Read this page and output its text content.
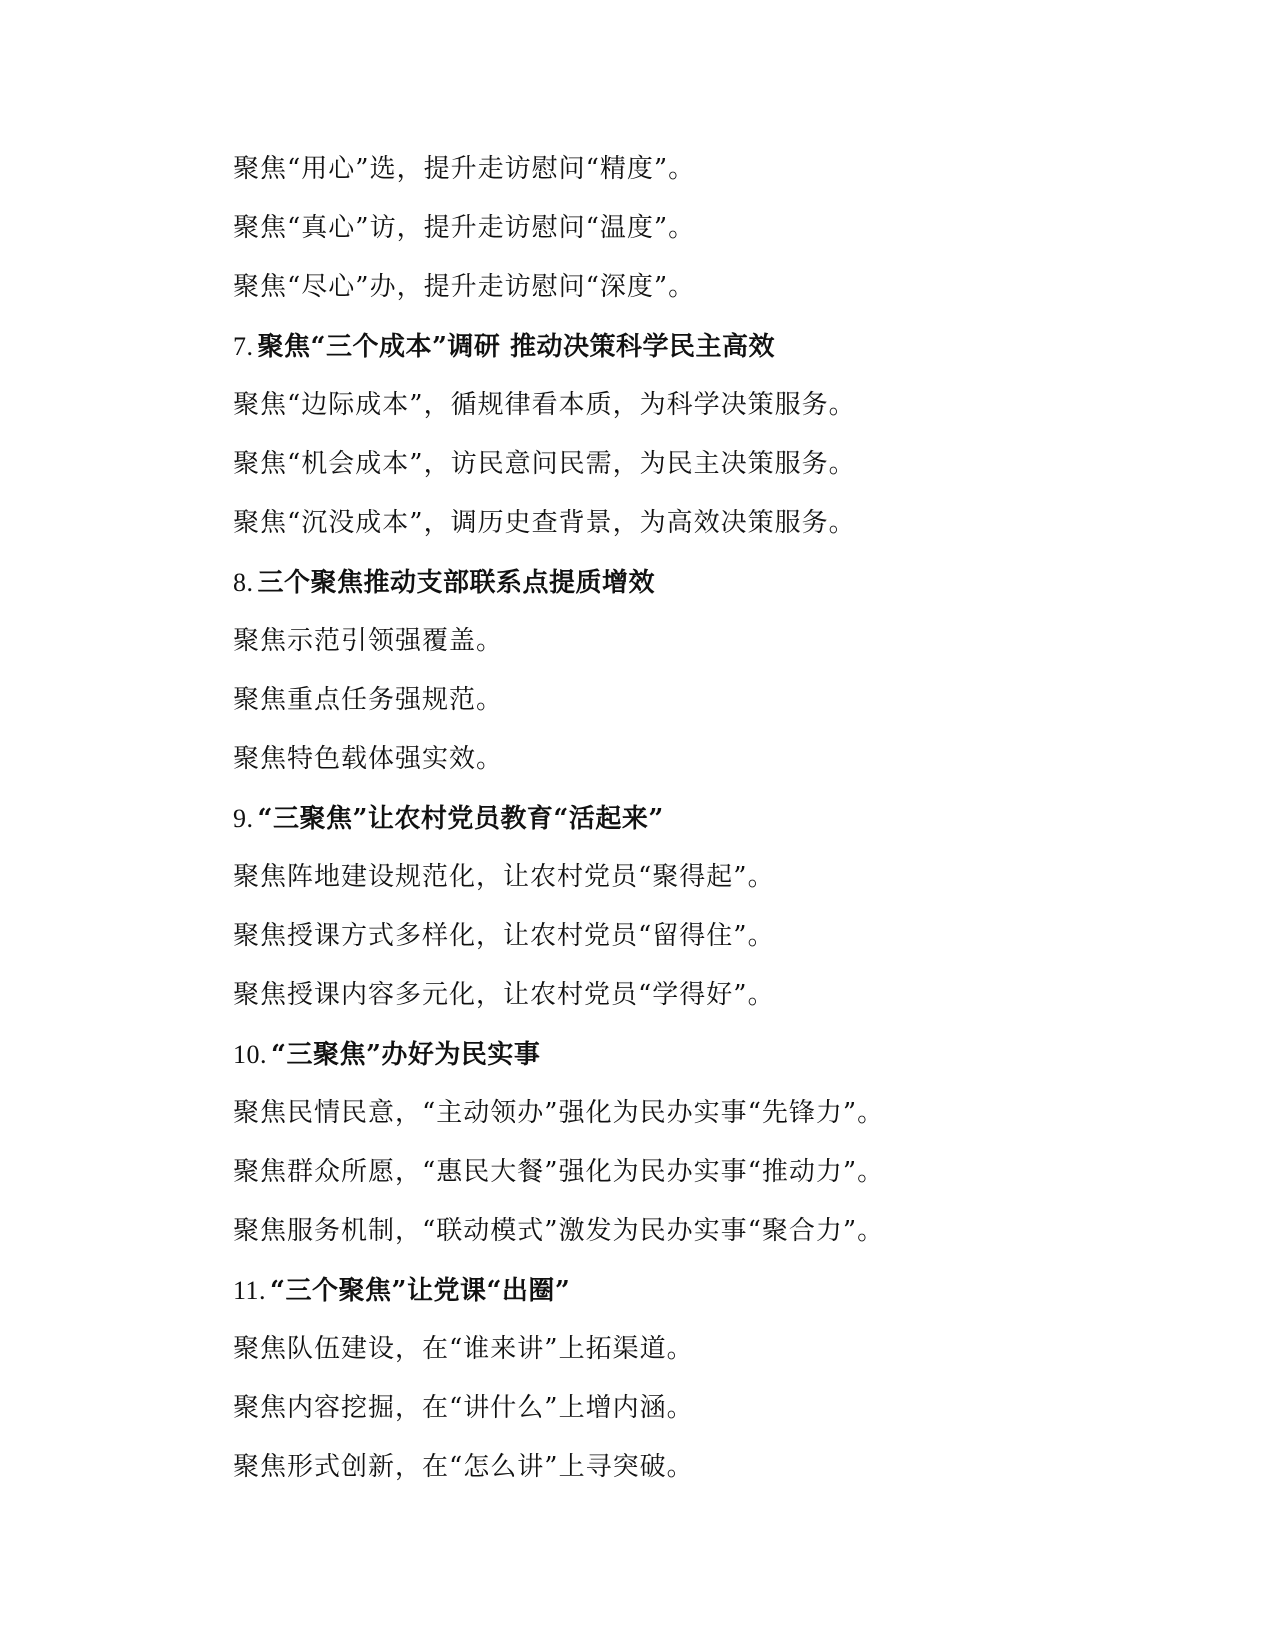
聚焦“用心”选，提升走访慰问“精度”。
聚焦“真心”访，提升走访慰问“温度”。
聚焦“尽心”办，提升走访慰问“深度”。
7. 聚焦“三个成本”调研 推动决策科学民主高效
聚焦“边际成本”，循规律看本质，为科学决策服务。
聚焦“机会成本”，访民意问民需，为民主决策服务。
聚焦“沉没成本”，调历史查背景，为高效决策服务。
8. 三个聚焦推动支部联系点提质增效
聚焦示范引领强覆盖。
聚焦重点任务强规范。
聚焦特色载体强实效。
9. “三聚焦”让农村党员教育“活起来”
聚焦阵地建设规范化，让农村党员“聚得起”。
聚焦授课方式多样化，让农村党员“留得住”。
聚焦授课内容多元化，让农村党员“学得好”。
10. “三聚焦”办好为民实事
聚焦民情民意，“主动领办”强化为民办实事“先锋力”。
聚焦群众所愿，“惠民大餐”强化为民办实事“推动力”。
聚焦服务机制，“联动模式”激发为民办实事“聚合力”。
11. “三个聚焦”让党课“出圈”
聚焦队伍建设，在“谁来讲”上拓渠道。
聚焦内容挖掘，在“讲什么”上增内涵。
聚焦形式创新，在“怎么讲”上寻突破。
